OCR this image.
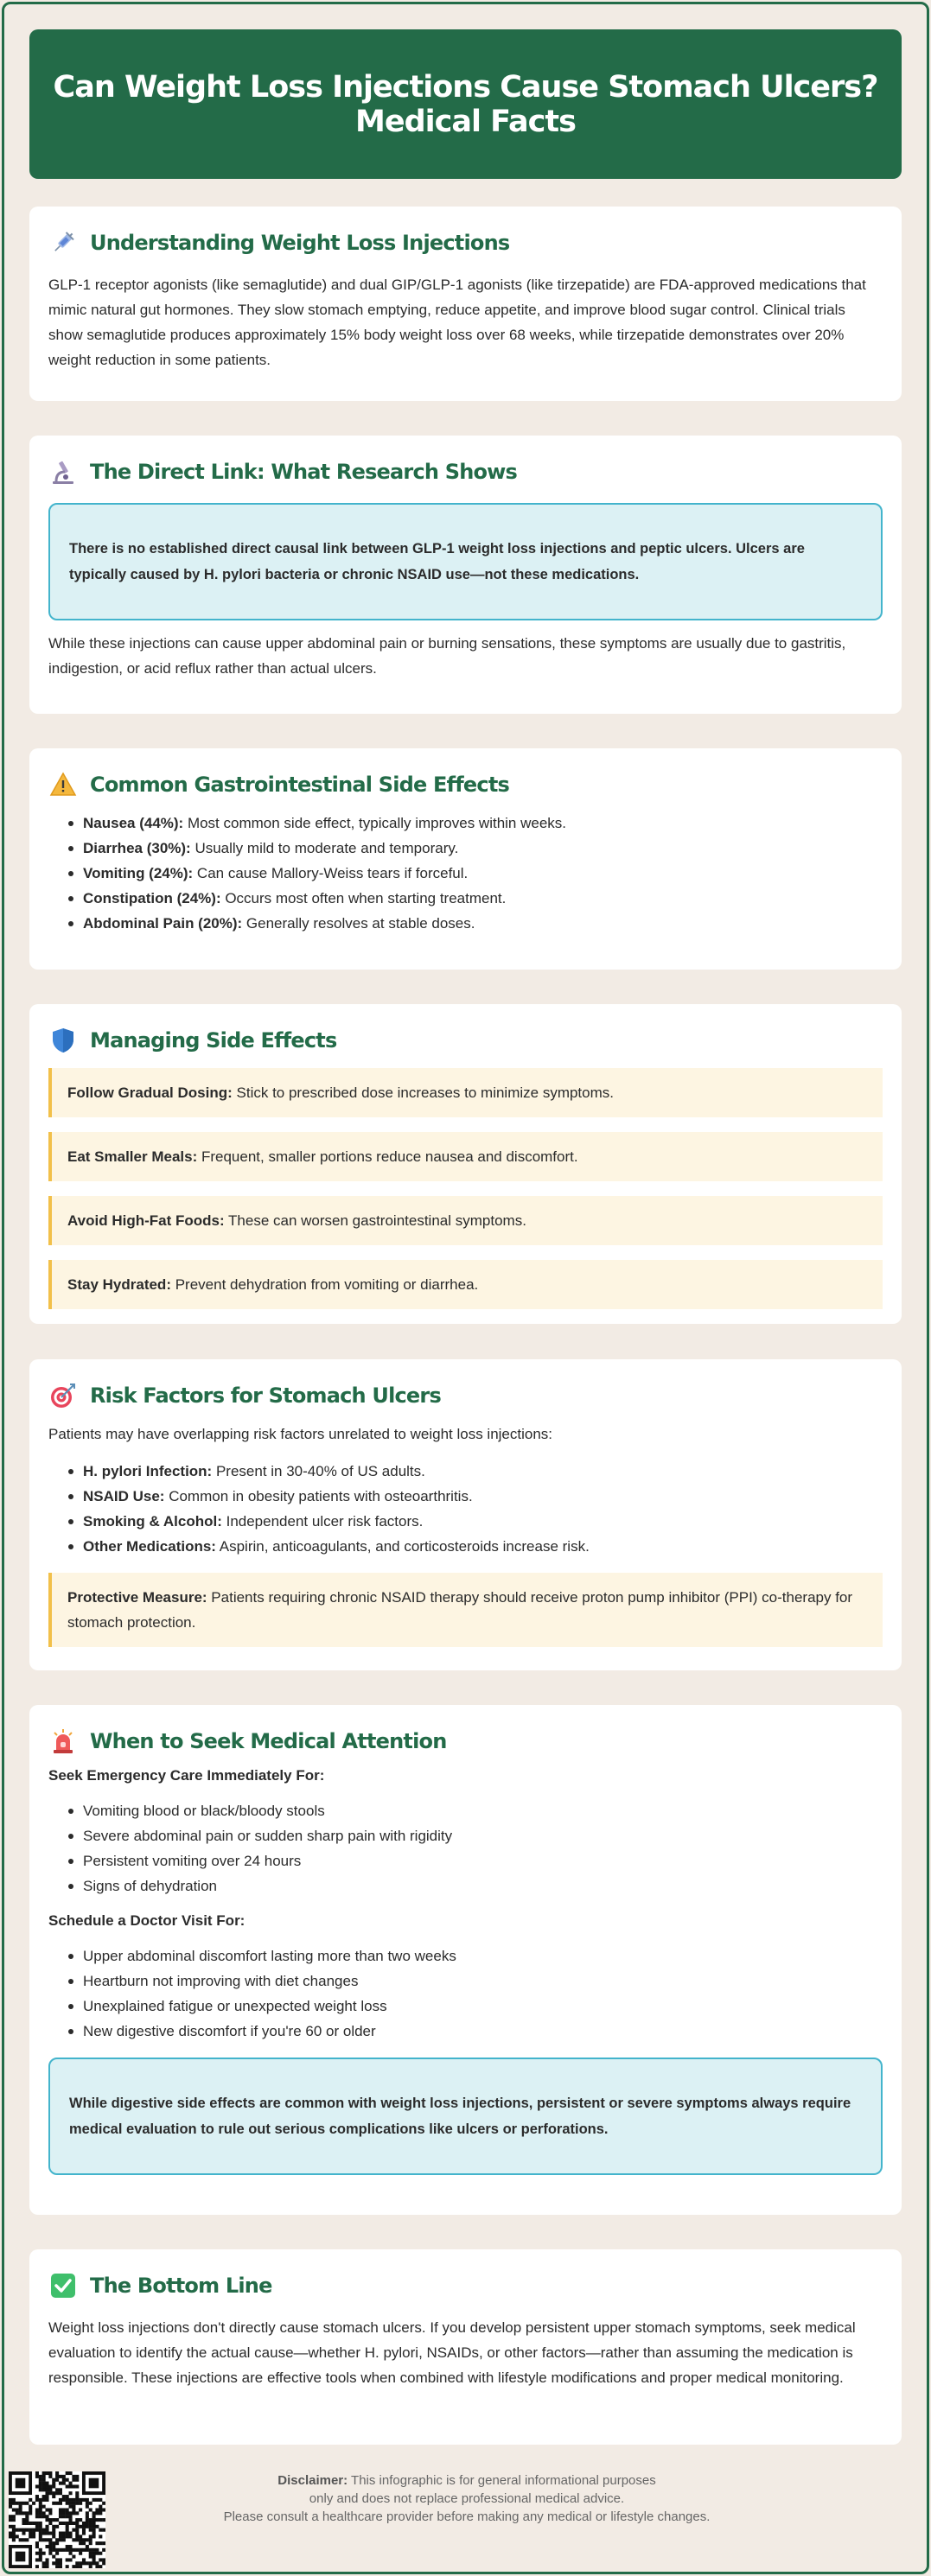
Can Weight Loss Injections Cause Stomach Ulcers? Medical Facts
Understanding Weight Loss Injections

GLP-1 receptor agonists (like semaglutide) and dual GIP/GLP-1 agonists (like tirzepatide) are FDA-approved medications that mimic natural gut hormones. They slow stomach emptying, reduce appetite, and improve blood sugar control. Clinical trials show semaglutide produces approximately 15% body weight loss over 68 weeks, while tirzepatide demonstrates over 20% weight reduction in some patients.

The Direct Link: What Research Shows
There is no established direct causal link between GLP-1 weight loss injections and peptic ulcers. Ulcers are typically caused by H. pylori bacteria or chronic NSAID use—not these medications.

While these injections can cause upper abdominal pain or burning sensations, these symptoms are usually due to gastritis, indigestion, or acid reflux rather than actual ulcers.

Common Gastrointestinal Side Effects
Nausea (44%): Most common side effect, typically improves within weeks.
Diarrhea (30%): Usually mild to moderate and temporary.
Vomiting (24%): Can cause Mallory-Weiss tears if forceful.
Constipation (24%): Occurs most often when starting treatment.
Abdominal Pain (20%): Generally resolves at stable doses.
Managing Side Effects
Follow Gradual Dosing: Stick to prescribed dose increases to minimize symptoms.
Eat Smaller Meals: Frequent, smaller portions reduce nausea and discomfort.
Avoid High-Fat Foods: These can worsen gastrointestinal symptoms.
Stay Hydrated: Prevent dehydration from vomiting or diarrhea.
Risk Factors for Stomach Ulcers

Patients may have overlapping risk factors unrelated to weight loss injections:

H. pylori Infection: Present in 30-40% of US adults.
NSAID Use: Common in obesity patients with osteoarthritis.
Smoking & Alcohol: Independent ulcer risk factors.
Other Medications: Aspirin, anticoagulants, and corticosteroids increase risk.
Protective Measure: Patients requiring chronic NSAID therapy should receive proton pump inhibitor (PPI) co-therapy for stomach protection.
When to Seek Medical Attention
Seek Emergency Care Immediately For:
Vomiting blood or black/bloody stools
Severe abdominal pain or sudden sharp pain with rigidity
Persistent vomiting over 24 hours
Signs of dehydration
Schedule a Doctor Visit For:
Upper abdominal discomfort lasting more than two weeks
Heartburn not improving with diet changes
Unexplained fatigue or unexpected weight loss
New digestive discomfort if you're 60 or older
While digestive side effects are common with weight loss injections, persistent or severe symptoms always require medical evaluation to rule out serious complications like ulcers or perforations.
The Bottom Line

Weight loss injections don't directly cause stomach ulcers. If you develop persistent upper stomach symptoms, seek medical evaluation to identify the actual cause—whether H. pylori, NSAIDs, or other factors—rather than assuming the medication is responsible. These injections are effective tools when combined with lifestyle modifications and proper medical monitoring.

Disclaimer: This infographic is for general informational purposes
only and does not replace professional medical advice.
Please consult a healthcare provider before making any medical or lifestyle changes.
